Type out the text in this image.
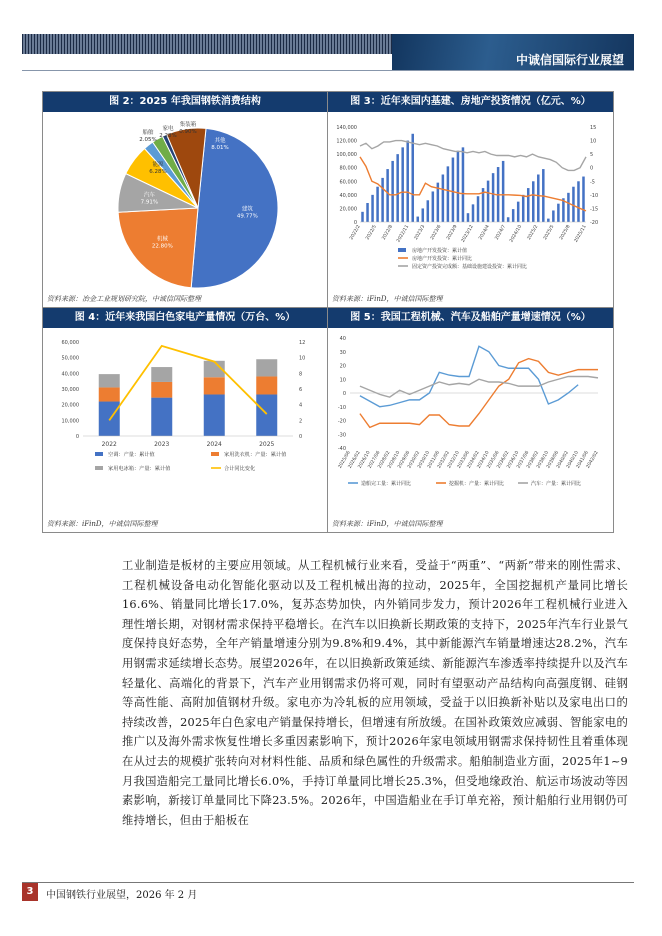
中诚信国际行业展望
图 2：2025 年我国钢铁消费结构
建筑
49.77%
机械
22.80%
汽车
7.91%
能源
6.28%
船舶
2.05%
家电
2.28%
集装箱
0.90%
其他
8.01%
资料来源：冶金工业规划研究院，中诚信国际整理
图 3：近年来国内基建、房地产投资情况（亿元、%）
140,000
120,000
100,000
80,000
60,000
40,000
20,000
0
15
10
5
0
-5
-10
-15
-20
2022/2 2022/5 2022/8 2022/11 2023/3 2023/6 2023/9 2023/12 2024/4 2024/7 2024/10 2025/2 2025/5 2025/8 2025/11
房地产开发投资：累计值
房地产开发投资：累计同比
固定资产投资完成额：基础设施建设投资：累计同比
资料来源：iFinD，中诚信国际整理
图 4：近年来我国白色家电产量情况（万台、%）
60,000
50,000
40,000
30,000
20,000
10,000
0
12
10
8
6
4
2
0
2022	2023	2024	2025
空调：产量：累计值	家用洗衣机：产量：累计值
家用电冰箱：产量：累计值	合计同比变化
资料来源：iFinD，中诚信国际整理
图 5：我国工程机械、汽车及船舶产量增速情况（%）
40
30
20
10
0
-10
-20
-30
-40
2025/06
2026/02
2026/10
2027/06
2028/02
2028/10
2029/06
2030/02
2030/10
2031/06
2032/02
2032/10
2033/06
2034/02
2034/10
2035/06
2036/02
2036/10
2037/06
2038/02
2038/10
2039/06
2040/02
2040/10
2041/06
2042/02
造船完工量：累计同比	挖掘机：产量：累计同比	汽车：产量：累计同比
资料来源：iFinD，中诚信国际整理
工业制造是板材的主要应用领域。从工程机械行业来看，受益于“两重”、“两新”带来的刚性需求、工程机械设备电动化智能化驱动以及工程机械出海的拉动，2025年，全国挖掘机产量同比增长16.6%、销量同比增长17.0%，复苏态势加快，内外销同步发力，预计2026年工程机械行业进入理性增长期，对钢材需求保持平稳增长。在汽车以旧换新长期政策的支持下，2025年汽车行业景气度保持良好态势，全年产销量增速分别为9.8%和9.4%，其中新能源汽车销量增速达28.2%，汽车用钢需求延续增长态势。展望2026年，在以旧换新政策延续、新能源汽车渗透率持续提升以及汽车轻量化、高端化的背景下，汽车产业用钢需求仍将可观，同时有望驱动产品结构向高强度钢、硅钢等高性能、高附加值钢材升级。家电亦为冷轧板的应用领域，受益于以旧换新补贴以及家电出口的持续改善，2025年白色家电产销量保持增长，但增速有所放缓。在国补政策效应减弱、智能家电的推广以及海外需求恢复性增长多重因素影响下，预计2026年家电领域用钢需求保持韧性且着重体现在从过去的规模扩张转向对材料性能、品质和绿色属性的升级需求。船舶制造业方面，2025年1~9月我国造船完工量同比增长6.0%，手持订单量同比增长25.3%，但受地缘政治、航运市场波动等因素影响，新接订单量同比下降23.5%。2026年，中国造船业在手订单充裕，预计船舶行业用钢仍可维持增长，但由于船板在
3	中国钢铁行业展望，2026 年 2 月
